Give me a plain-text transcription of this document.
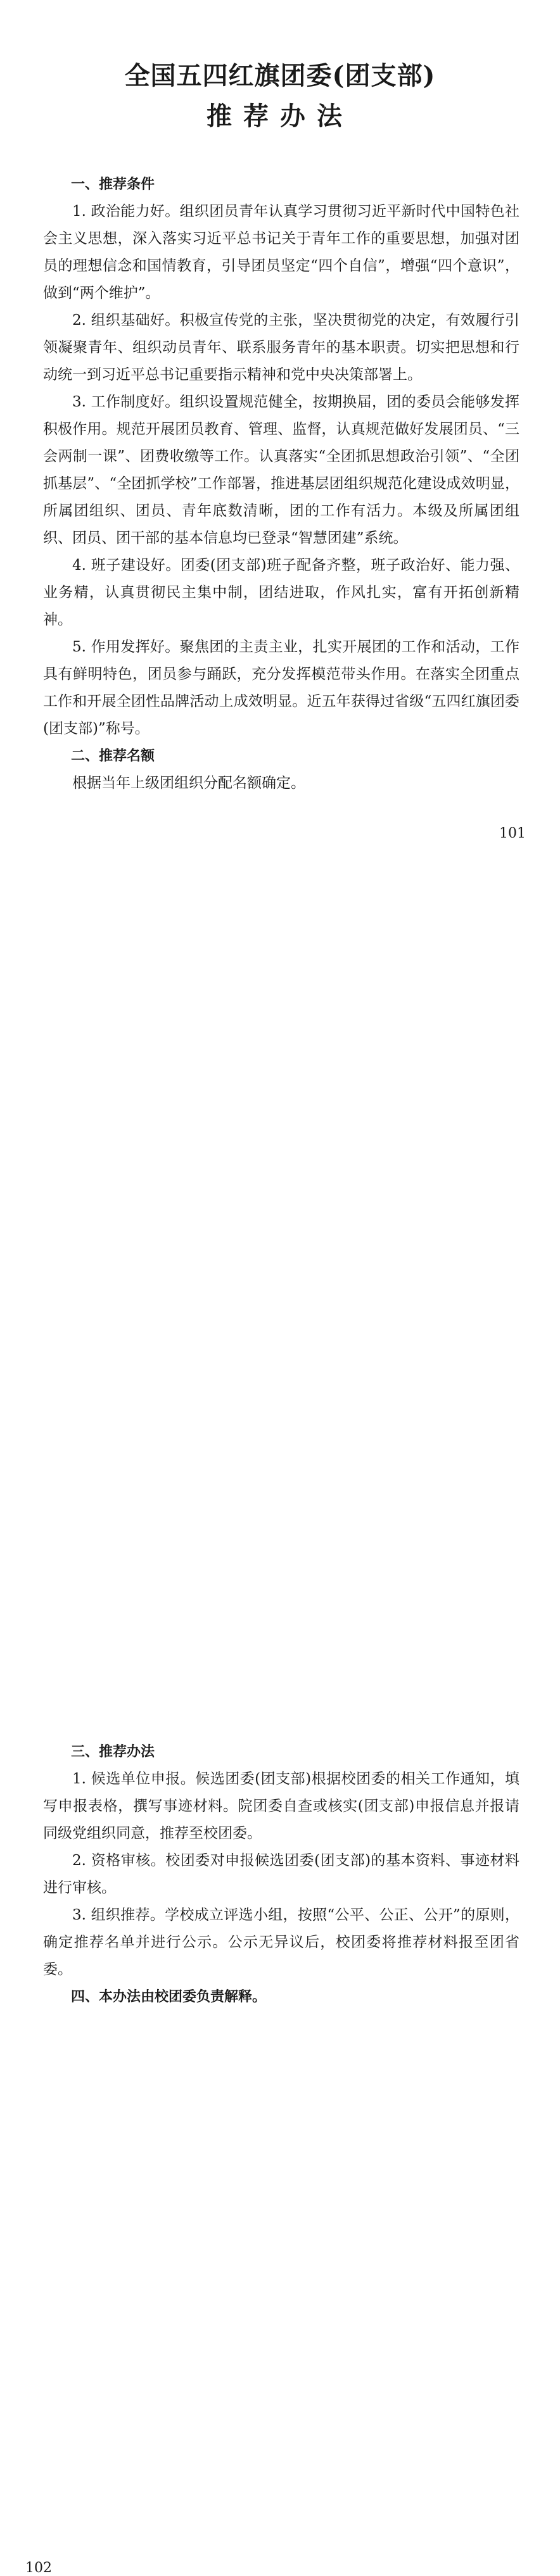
全国五四红旗团委(团支部)
推荐办法

一、推荐条件

1. 政治能力好。组织团员青年认真学习贯彻习近平新时代中国特色社会主义思想，深入落实习近平总书记关于青年工作的重要思想，加强对团员的理想信念和国情教育，引导团员坚定“四个自信”，增强“四个意识”，做到“两个维护”。

2. 组织基础好。积极宣传党的主张，坚决贯彻党的决定，有效履行引领凝聚青年、组织动员青年、联系服务青年的基本职责。切实把思想和行动统一到习近平总书记重要指示精神和党中央决策部署上。

3. 工作制度好。组织设置规范健全，按期换届，团的委员会能够发挥积极作用。规范开展团员教育、管理、监督，认真规范做好发展团员、“三会两制一课”、团费收缴等工作。认真落实“全团抓思想政治引领”、“全团抓基层”、“全团抓学校”工作部署，推进基层团组织规范化建设成效明显，所属团组织、团员、青年底数清晰，团的工作有活力。本级及所属团组织、团员、团干部的基本信息均已登录“智慧团建”系统。

4. 班子建设好。团委(团支部)班子配备齐整，班子政治好、能力强、业务精，认真贯彻民主集中制，团结进取，作风扎实，富有开拓创新精神。

5. 作用发挥好。聚焦团的主责主业，扎实开展团的工作和活动，工作具有鲜明特色，团员参与踊跃，充分发挥模范带头作用。在落实全团重点工作和开展全团性品牌活动上成效明显。近五年获得过省级“五四红旗团委(团支部)”称号。

二、推荐名额

根据当年上级团组织分配名额确定。

101

三、推荐办法

1. 候选单位申报。候选团委(团支部)根据校团委的相关工作通知，填写申报表格，撰写事迹材料。院团委自查或核实(团支部)申报信息并报请同级党组织同意，推荐至校团委。

2. 资格审核。校团委对申报候选团委(团支部)的基本资料、事迹材料进行审核。

3. 组织推荐。学校成立评选小组，按照“公平、公正、公开”的原则，确定推荐名单并进行公示。公示无异议后，校团委将推荐材料报至团省委。

四、本办法由校团委负责解释。

102
